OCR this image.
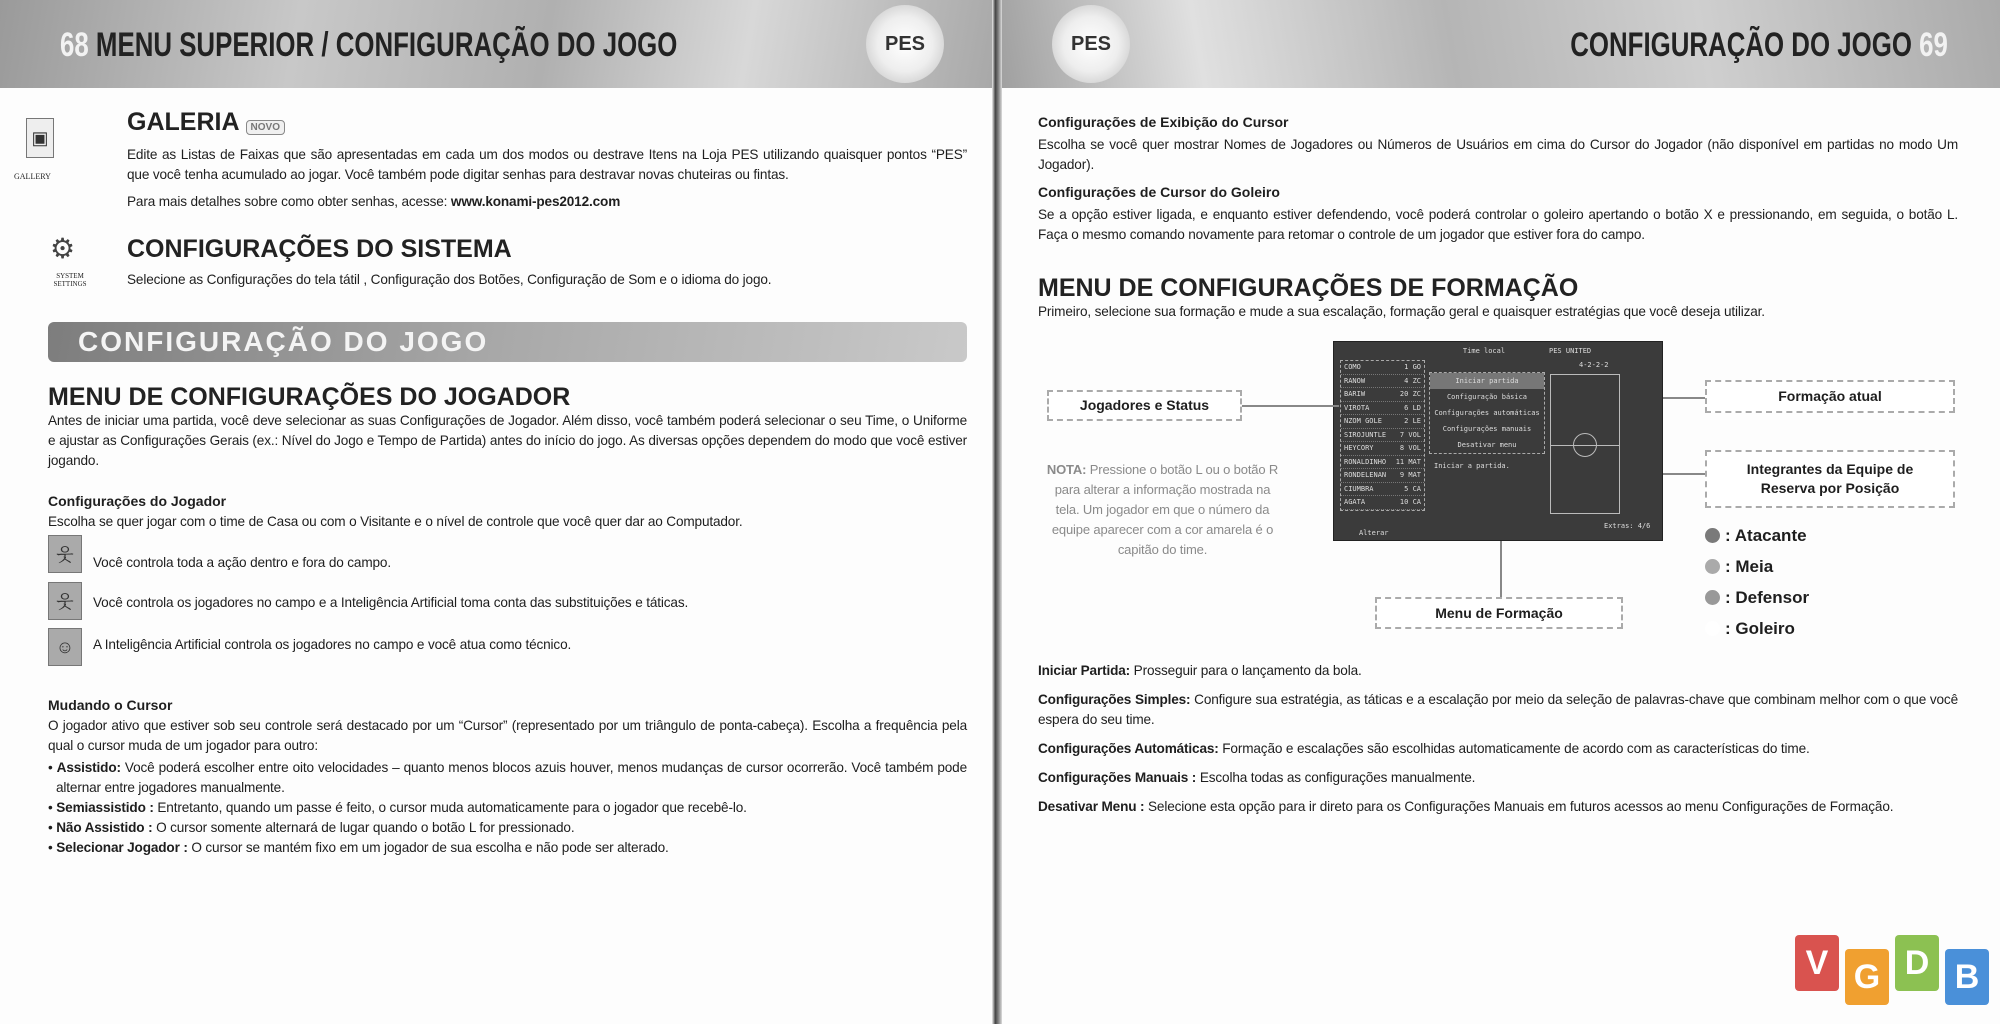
68 MENU SUPERIOR / CONFIGURAÇÃO DO JOGO	PES
▣
GALLERY
GALERIA NOVO
Edite as Listas de Faixas que são apresentadas em cada um dos modos ou destrave Itens na Loja PES utilizando quaisquer pontos “PES” que você tenha acumulado ao jogar. Você também pode digitar senhas para destravar novas chuteiras ou fintas.
Para mais detalhes sobre como obter senhas, acesse: www.konami-pes2012.com
⚙
SYSTEM SETTINGS
CONFIGURAÇÕES DO SISTEMA
Selecione as Configurações do tela tátil , Configuração dos Botões, Configuração de Som e o idioma do jogo.
CONFIGURAÇÃO DO JOGO
MENU DE CONFIGURAÇÕES DO JOGADOR
Antes de iniciar uma partida, você deve selecionar as suas Configurações de Jogador. Além disso, você também poderá selecionar o seu Time, o Uniforme e ajustar as Configurações Gerais (ex.: Nível do Jogo e Tempo de Partida) antes do início do jogo. As diversas opções dependem do modo que você estiver jogando.
Configurações do Jogador
Escolha se quer jogar com o time de Casa ou com o Visitante e o nível de controle que você quer dar ao Computador.
웃	Você controla toda a ação dentro e fora do campo.
웃	Você controla os jogadores no campo e a Inteligência Artificial toma conta das substituições e táticas.
☺	A Inteligência Artificial controla os jogadores no campo e você atua como técnico.
Mudando o Cursor
O jogador ativo que estiver sob seu controle será destacado por um “Cursor” (representado por um triângulo de ponta-cabeça). Escolha a frequência pela qual o cursor muda de um jogador para outro:
• Assistido: Você poderá escolher entre oito velocidades – quanto menos blocos azuis houver, menos mudanças de cursor ocorrerão. Você também pode alternar entre jogadores manualmente.
• Semiassistido : Entretanto, quando um passe é feito, o cursor muda automaticamente para o jogador que recebê-lo.
• Não Assistido : O cursor somente alternará de lugar quando o botão L for pressionado.
• Selecionar Jogador : O cursor se mantém fixo em um jogador de sua escolha e não pode ser alterado.
PES	CONFIGURAÇÃO DO JOGO 69
Configurações de Exibição do Cursor
Escolha se você quer mostrar Nomes de Jogadores ou Números de Usuários em cima do Cursor do Jogador (não disponível em partidas no modo Um Jogador).
Configurações de Cursor do Goleiro
Se a opção estiver ligada, e enquanto estiver defendendo, você poderá controlar o goleiro apertando o botão X e pressionando, em seguida, o botão L. Faça o mesmo comando novamente para retomar o controle de um jogador que estiver fora do campo.
MENU DE CONFIGURAÇÕES DE FORMAÇÃO
Primeiro, selecione sua formação e mude a sua escalação, formação geral e quaisquer estratégias que você deseja utilizar.
COMO	1 GO
RANOW	4 ZC
BARIW	20 ZC
VIROTA	6 LD
NZOM GOLE	2 LE
SIROJUNTLE 7 VOL
HEYCORY	8 VOL
RONALDINHO 11 MAT
RONDELENAN 9 MAT
CIUMBRA	5 CA
AGATA	10 CA
Time local	PES UNITED
4-2-2-2
Iniciar partida
Configuração básica
Configurações automáticas
Configurações manuais
Desativar menu
Iniciar a partida.
Extras: 4/6
Alterar
Jogadores e Status
NOTA: Pressione o botão L ou o botão R para alterar a informação mostrada na tela. Um jogador em que o número da equipe aparecer com a cor amarela é o capitão do time.
Menu de Formação
Formação atual
Integrantes da Equipe de Reserva por Posição
: Atacante
: Meia
: Defensor
: Goleiro
Iniciar Partida: Prosseguir para o lançamento da bola.
Configurações Simples: Configure sua estratégia, as táticas e a escalação por meio da seleção de palavras-chave que combinam melhor com o que você espera do seu time.
Configurações Automáticas: Formação e escalações são escolhidas automaticamente de acordo com as características do time.
Configurações Manuais : Escolha todas as configurações manualmente.
Desativar Menu : Selecione esta opção para ir direto para os Configurações Manuais em futuros acessos ao menu Configurações de Formação.
V G D B
